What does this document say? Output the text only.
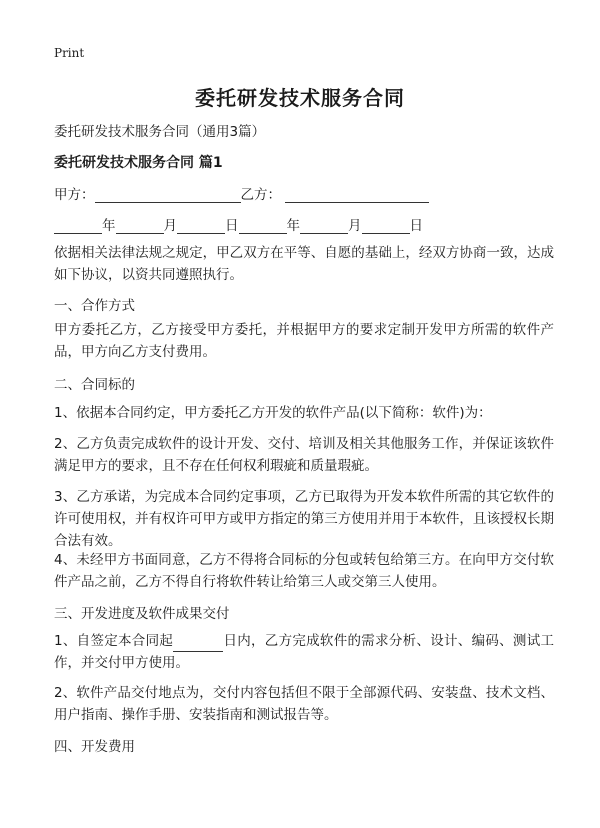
Print
委托研发技术服务合同
委托研发技术服务合同（通用3篇）
委托研发技术服务合同 篇1
甲方：	乙方：
年	月	日	年	月	日
依据相关法律法规之规定，甲乙双方在平等、自愿的基础上，经双方协商一致，达成如下协议，以资共同遵照执行。
一、合作方式
甲方委托乙方，乙方接受甲方委托，并根据甲方的要求定制开发甲方所需的软件产品，甲方向乙方支付费用。
二、合同标的
1、依据本合同约定，甲方委托乙方开发的软件产品(以下简称：软件)为：
2、乙方负责完成软件的设计开发、交付、培训及相关其他服务工作，并保证该软件满足甲方的要求，且不存在任何权利瑕疵和质量瑕疵。
3、乙方承诺，为完成本合同约定事项，乙方已取得为开发本软件所需的其它软件的许可使用权，并有权许可甲方或甲方指定的第三方使用并用于本软件，且该授权长期合法有效。
4、未经甲方书面同意，乙方不得将合同标的分包或转包给第三方。在向甲方交付软件产品之前，乙方不得自行将软件转让给第三人或交第三人使用。
三、开发进度及软件成果交付
1、自签定本合同起	日内，乙方完成软件的需求分析、设计、编码、测试工作，并交付甲方使用。
2、软件产品交付地点为，交付内容包括但不限于全部源代码、安装盘、技术文档、用户指南、操作手册、安装指南和测试报告等。
四、开发费用
